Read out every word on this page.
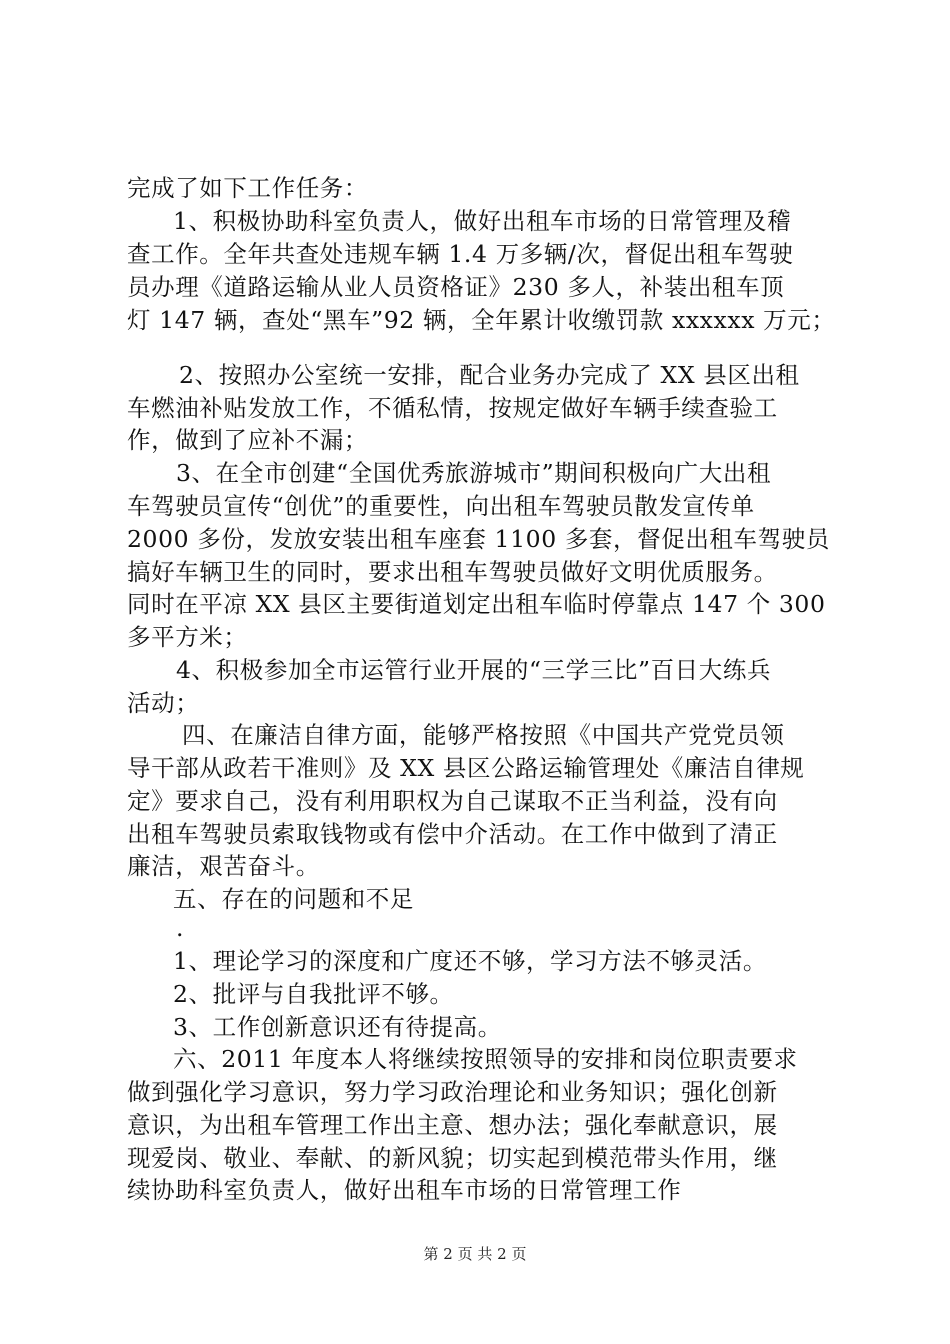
完成了如下工作任务：
1、积极协助科室负责人，做好出租车市场的日常管理及稽
查工作。全年共查处违规车辆 1.4 万多辆/次，督促出租车驾驶
员办理《道路运输从业人员资格证》230 多人，补装出租车顶
灯 147 辆，查处“黑车”92 辆，全年累计收缴罚款 xxxxxx 万元；
2、按照办公室统一安排，配合业务办完成了 XX 县区出租
车燃油补贴发放工作，不循私情，按规定做好车辆手续查验工
作，做到了应补不漏；
3、在全市创建“全国优秀旅游城市”期间积极向广大出租
车驾驶员宣传“创优”的重要性，向出租车驾驶员散发宣传单
2000 多份，发放安装出租车座套 1100 多套，督促出租车驾驶员
搞好车辆卫生的同时，要求出租车驾驶员做好文明优质服务。
同时在平凉 XX 县区主要街道划定出租车临时停靠点 147 个 300
多平方米；
4、积极参加全市运管行业开展的“三学三比”百日大练兵
活动；
四、在廉洁自律方面，能够严格按照《中国共产党党员领
导干部从政若干准则》及 XX 县区公路运输管理处《廉洁自律规
定》要求自己，没有利用职权为自己谋取不正当利益，没有向
出租车驾驶员索取钱物或有偿中介活动。在工作中做到了清正
廉洁，艰苦奋斗。
五、存在的问题和不足
.
1、理论学习的深度和广度还不够，学习方法不够灵活。
2、批评与自我批评不够。
3、工作创新意识还有待提高。
六、2011 年度本人将继续按照领导的安排和岗位职责要求
做到强化学习意识，努力学习政治理论和业务知识；强化创新
意识，为出租车管理工作出主意、想办法；强化奉献意识，展
现爱岗、敬业、奉献、的新风貌；切实起到模范带头作用，继
续协助科室负责人，做好出租车市场的日常管理工作
第 2 页 共 2 页
